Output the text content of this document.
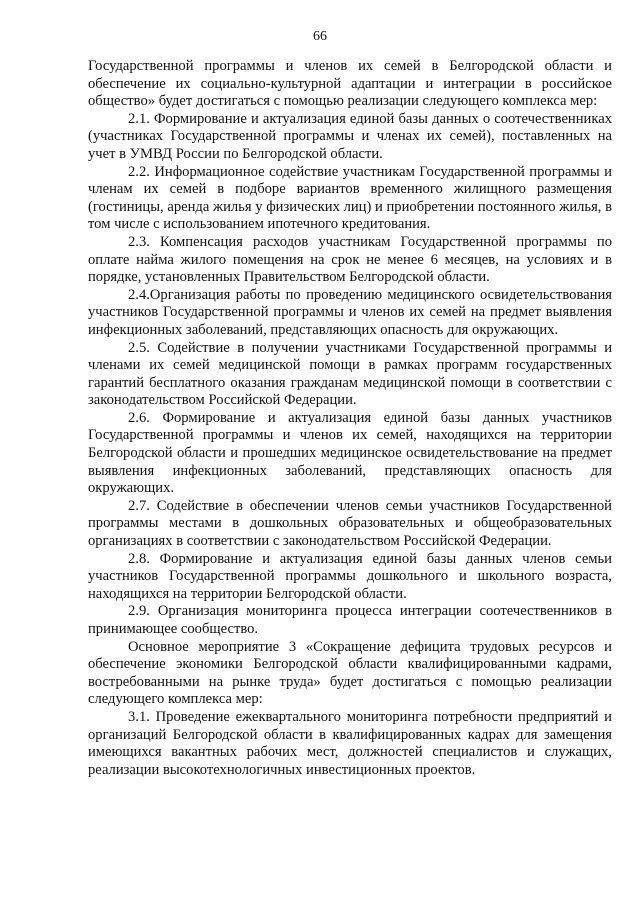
66

Государственной программы и членов их семей в Белгородской области и обеспечение их социально-культурной адаптации и интеграции в российское общество» будет достигаться с помощью реализации следующего комплекса мер:

2.1. Формирование и актуализация единой базы данных о соотечественниках (участниках Государственной программы и членах их семей), поставленных на учет в УМВД России по Белгородской области.

2.2. Информационное содействие участникам Государственной программы и членам их семей в подборе вариантов временного жилищного размещения (гостиницы, аренда жилья у физических лиц) и приобретении постоянного жилья, в том числе с использованием ипотечного кредитования.

2.3. Компенсация расходов участникам Государственной программы по оплате найма жилого помещения на срок не менее 6 месяцев, на условиях и в порядке, установленных Правительством Белгородской области.

2.4.Организация работы по проведению медицинского освидетельствования участников Государственной программы и членов их семей на предмет выявления инфекционных заболеваний, представляющих опасность для окружающих.

2.5. Содействие в получении участниками Государственной программы и членами их семей медицинской помощи в рамках программ государственных гарантий бесплатного оказания гражданам медицинской помощи в соответствии с законодательством Российской Федерации.

2.6. Формирование и актуализация единой базы данных участников Государственной программы и членов их семей, находящихся на территории Белгородской области и прошедших медицинское освидетельствование на предмет выявления инфекционных заболеваний, представляющих опасность для окружающих.

2.7. Содействие в обеспечении членов семьи участников Государственной программы местами в дошкольных образовательных и общеобразовательных организациях в соответствии с законодательством Российской Федерации.

2.8. Формирование и актуализация единой базы данных членов семьи участников Государственной программы дошкольного и школьного возраста, находящихся на территории Белгородской области.

2.9. Организация мониторинга процесса интеграции соотечественников в принимающее сообщество.

Основное мероприятие 3 «Сокращение дефицита трудовых ресурсов и обеспечение экономики Белгородской области квалифицированными кадрами, востребованными на рынке труда» будет достигаться с помощью реализации следующего комплекса мер:

3.1. Проведение ежеквартального мониторинга потребности предприятий и организаций Белгородской области в квалифицированных кадрах для замещения имеющихся вакантных рабочих мест, должностей специалистов и служащих, реализации высокотехнологичных инвестиционных проектов.
